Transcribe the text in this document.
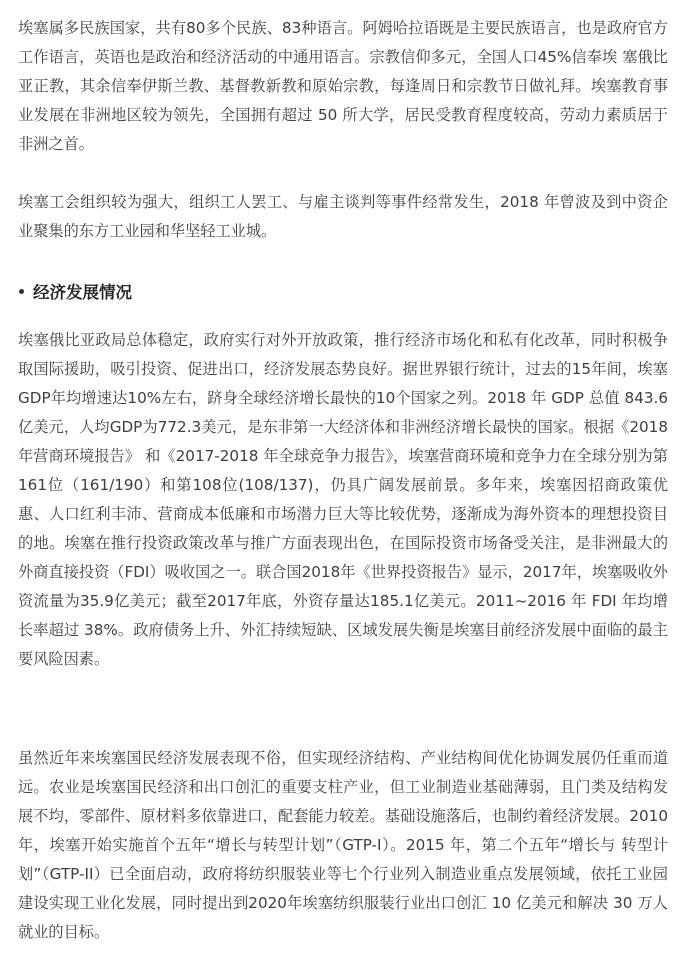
埃塞属多民族国家，共有80多个民族、83种语言。阿姆哈拉语既是主要民族语言，也是政府官方工作语言，英语也是政治和经济活动的中通用语言。宗教信仰多元，全国人口45%信奉埃 塞俄比亚正教，其余信奉伊斯兰教、基督教新教和原始宗教，每逢周日和宗教节日做礼拜。埃塞教育事业发展在非洲地区较为领先，全国拥有超过 50 所大学，居民受教育程度较高，劳动力素质居于非洲之首。

埃塞工会组织较为强大，组织工人罢工、与雇主谈判等事件经常发生，2018 年曾波及到中资企业聚集的东方工业园和华坚轻工业城。

经济发展情况

埃塞俄比亚政局总体稳定，政府实行对外开放政策，推行经济市场化和私有化改革，同时积极争取国际援助，吸引投资、促进出口，经济发展态势良好。据世界银行统计，过去的15年间，埃塞GDP年均增速达10%左右，跻身全球经济增长最快的10个国家之列。2018 年 GDP 总值 843.6 亿美元，人均GDP为772.3美元，是东非第一大经济体和非洲经济增长最快的国家。根据《2018 年营商环境报告》 和《2017-2018 年全球竞争力报告》，埃塞营商环境和竞争力在全球分别为第161位（161/190）和第108位(108/137)，仍具广阔发展前景。多年来，埃塞因招商政策优惠、人口红利丰沛、营商成本低廉和市场潜力巨大等比较优势，逐渐成为海外资本的理想投资目的地。埃塞在推行投资政策改革与推广方面表现出色，在国际投资市场备受关注，是非洲最大的外商直接投资（FDI）吸收国之一。联合国2018年《世界投资报告》显示，2017年，埃塞吸收外资流量为35.9亿美元；截至2017年底，外资存量达185.1亿美元。2011~2016 年 FDI 年均增长率超过 38%。政府债务上升、外汇持续短缺、区域发展失衡是埃塞目前经济发展中面临的最主要风险因素。

虽然近年来埃塞国民经济发展表现不俗，但实现经济结构、产业结构间优化协调发展仍任重而道远。农业是埃塞国民经济和出口创汇的重要支柱产业，但工业制造业基础薄弱，且门类及结构发展不均，零部件、原材料多依靠进口，配套能力较差。基础设施落后，也制约着经济发展。2010年，埃塞开始实施首个五年“增长与转型计划”（GTP-I）。2015 年，第二个五年“增长与 转型计划”（GTP-II）已全面启动，政府将纺织服装业等七个行业列入制造业重点发展领域，依托工业园建设实现工业化发展，同时提出到2020年埃塞纺织服装行业出口创汇 10 亿美元和解决 30 万人就业的目标。
